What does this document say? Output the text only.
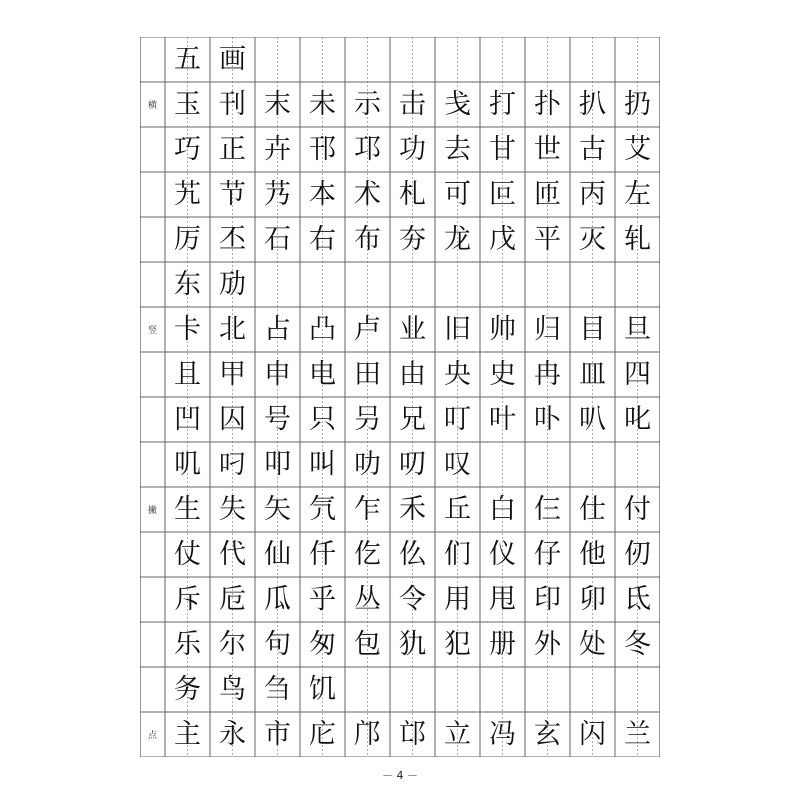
五 画
横 玉 刊 末 未 示 击 戋 打 扑 扒 扔
巧 正 卉 邗 邛 功 去 甘 世 古 艾
艽 节 艿 本 术 札 可 叵 匝 丙 左
厉 丕 石 右 布 夯 龙 戊 平 灭 轧
东 劢
竖 卡 北 占 凸 卢 业 旧 帅 归 目 旦
且 甲 申 电 田 由 央 史 冉 皿 四
凹 囚 号 只 叧 兄 叮 叶 卟 叭 叱
叽 叼 叩 叫 叻 叨 叹
撇 生 失 矢 氕 乍 禾 丘 白 仨 仕 付
仗 代 仙 仟 仡 仫 们 仪 仔 他 仞
斥 卮 瓜 乎 丛 令 用 甩 印 卯 氐
乐 尔 句 匆 包 犰 犯 册 外 处 冬
务 鸟 刍 饥
点 主 永 市 庀 邝 邙 立 冯 玄 闪 兰
－ 4 －
